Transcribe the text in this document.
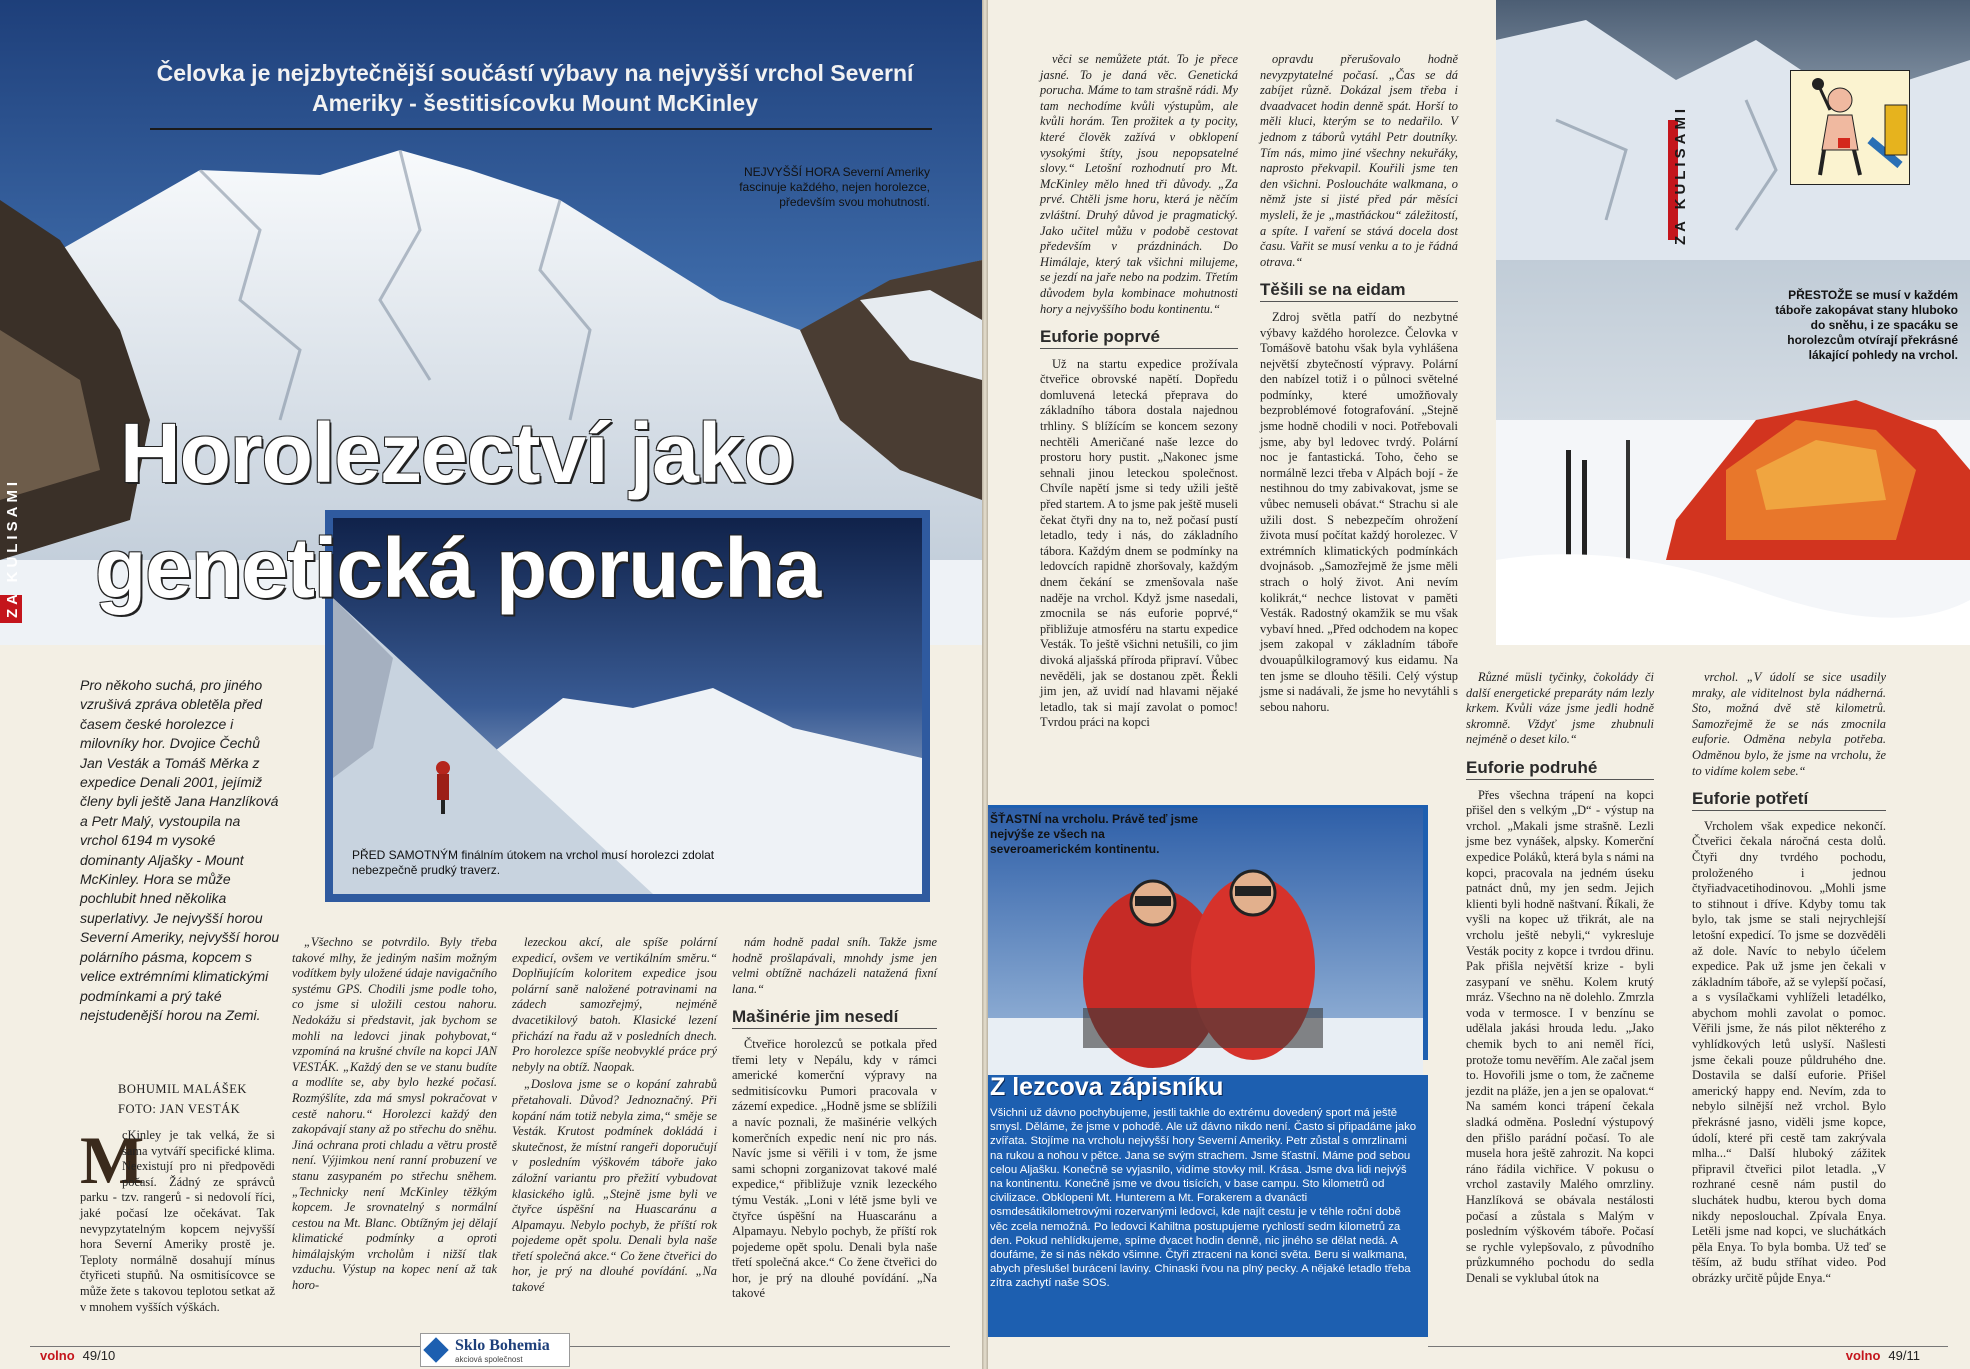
ZA KULISAMI
Čelovka je nejzbytečnější součástí výbavy na nejvyšší vrchol Severní Ameriky - šestitisícovku Mount McKinley
NEJVYŠŠÍ HORA Severní Ameriky fascinuje každého, nejen horolezce, především svou mohutností.
PŘED SAMOTNÝM finálním útokem na vrchol musí horolezci zdolat nebezpečně prudký traverz.
Horolezectví jako
genetická porucha
Pro někoho suchá, pro jiného vzrušivá zpráva obletěla před časem české horolezce i milovníky hor. Dvojice Čechů Jan Vesták a Tomáš Měrka z expedice Denali 2001, jejímiž členy byli ještě Jana Hanzlíková a Petr Malý, vystoupila na vrchol 6194 m vysoké dominanty Aljašky - Mount McKinley. Hora se může pochlubit hned několika superlativy. Je nejvyšší horou Severní Ameriky, nejvyšší horou polárního pásma, kopcem s velice extrémními klimatickými podmínkami a prý také nejstudenější horou na Zemi.
BOHUMIL MALÁŠEK
FOTO: JAN VESTÁK
M

cKinley je tak velká, že si sama vytváří specifické klima. Neexistují pro ni předpovědi počasí. Žádný ze správců parku - tzv. rangerů - si nedovolí říci, jaké počasí lze očekávat. Tak nevypzytatelným kopcem nejvyšší hora Severní Ameriky prostě je. Teploty normálně dosahují mínus čtyřiceti stupňů. Na osmitisícovce se může žete s takovou teplotou setkat až v mnohem vyšších výškách.

„Všechno se potvrdilo. Byly třeba takové mlhy, že jediným našim možným vodítkem byly uložené údaje navigačního systému GPS. Chodili jsme podle toho, co jsme si uložili cestou nahoru. Nedokážu si představit, jak bychom se mohli na ledovci jinak pohybovat,“ vzpomíná na krušné chvíle na kopci JAN VESTÁK. „Každý den se ve stanu budíte a modlíte se, aby bylo hezké počasí. Rozmýšlíte, zda má smysl pokračovat v cestě nahoru.“ Horolezci každý den zakopávají stany až po střechu do sněhu. Jiná ochrana proti chladu a větru prostě není. Výjimkou není ranní probuzení ve stanu zasypaném po střechu sněhem. „Technicky není McKinley těžkým kopcem. Je srovnatelný s normální cestou na Mt. Blanc. Obtížným jej dělají klimatické podmínky a oproti himálajským vrcholům i nižší tlak vzduchu. Výstup na kopec není až tak horo-

lezeckou akcí, ale spíše polární expedicí, ovšem ve vertikálním směru.“ Doplňujícím koloritem expedice jsou polární saně naložené potravinami na zádech samozřejmý, nejméně dvacetikilový batoh. Klasické lezení přichází na řadu až v posledních dnech. Pro horolezce spíše neobvyklé práce prý nebyly na obtíž. Naopak.

„Doslova jsme se o kopání zahrabů přetahovali. Důvod? Jednoznačný. Při kopání nám totiž nebyla zima,“ směje se Vesták. Krutost podmínek dokládá i skutečnost, že místní rangeři doporučují v posledním výškovém táboře jako záložní variantu pro přežití vybudovat klasického iglů. „Stejně jsme byli ve čtyřce úspěšní na Huascaránu a Alpamayu. Nebylo pochyb, že příští rok pojedeme opět spolu. Denali byla naše třetí společná akce.“ Co žene čtveřici do hor, je prý na dlouhé povídání. „Na takové

nám hodně padal sníh. Takže jsme hodně prošlapávali, mnohdy jsme jen velmi obtížně nacházeli natažená fixní lana.“

Mašinérie jim nesedí

Čtveřice horolezců se potkala před třemi lety v Nepálu, kdy v rámci americké komerční výpravy na sedmitisícovku Pumori pracovala v zázemí expedice. „Hodně jsme se sblížili a navíc poznali, že mašinérie velkých komerčních expedic není nic pro nás. Navíc jsme si věřili i v tom, že jsme sami schopni zorganizovat takové malé expedice,“ přibližuje vznik lezeckého týmu Vesták. „Loni v létě jsme byli ve čtyřce úspěšní na Huascaránu a Alpamayu. Nebylo pochyb, že příští rok pojedeme opět spolu. Denali byla naše třetí společná akce.“ Co žene čtveřici do hor, je prý na dlouhé povídání. „Na takové

volno 49/10
Sklo Bohemia
akciová společnost

věci se nemůžete ptát. To je přece jasné. To je daná věc. Genetická porucha. Máme to tam strašně rádi. My tam nechodíme kvůli výstupům, ale kvůli horám. Ten prožitek a ty pocity, které člověk zažívá v obklopení vysokými štíty, jsou nepopsatelné slovy.“ Letošní rozhodnutí pro Mt. McKinley mělo hned tři důvody. „Za prvé. Chtěli jsme horu, která je něčím zvláštní. Druhý důvod je pragmatický. Jako učitel můžu v podobě cestovat především v prázdninách. Do Himálaje, který tak všichni milujeme, se jezdí na jaře nebo na podzim. Třetím důvodem byla kombinace mohutnosti hory a nejvyššího bodu kontinentu.“

Euforie poprvé

Už na startu expedice prožívala čtveřice obrovské napětí. Dopředu domluvená letecká přeprava do základního tábora dostala najednou trhliny. S blížícím se koncem sezony nechtěli Američané naše lezce do prostoru hory pustit. „Nakonec jsme sehnali jinou leteckou společnost. Chvíle napětí jsme si tedy užili ještě před startem. A to jsme pak ještě museli čekat čtyři dny na to, než počasí pustí letadlo, tedy i nás, do základního tábora. Každým dnem se podmínky na ledovcích rapidně zhoršovaly, každým dnem čekání se zmenšovala naše naděje na vrchol. Když jsme nasedali, zmocnila se nás euforie poprvé,“ přibližuje atmosféru na startu expedice Vesták. To ještě všichni netušili, co jim divoká aljašská příroda připraví. Vůbec nevěděli, jak se dostanou zpět. Řekli jim jen, až uvidí nad hlavami nějaké letadlo, tak si mají zavolat o pomoc! Tvrdou práci na kopci

opravdu přerušovalo hodně nevyzpytatelné počasí. „Čas se dá zabíjet různě. Dokázal jsem třeba i dvaadvacet hodin denně spát. Horší to měli kluci, kterým se to nedařilo. V jednom z táborů vytáhl Petr doutníky. Tím nás, mimo jiné všechny nekuřáky, naprosto překvapil. Kouřili jsme ten den všichni. Posloucháte walkmana, o němž jste si jisté před pár měsíci mysleli, že je „mastňáckou“ záležitostí, a spíte. I vaření se stává docela dost času. Vařit se musí venku a to je řádná otrava.“

Těšili se na eidam

Zdroj světla patří do nezbytné výbavy každého horolezce. Čelovka v Tomášově batohu však byla vyhlášena největší zbytečností výpravy. Polární den nabízel totiž i o půlnoci světelné podmínky, které umožňovaly bezproblémové fotografování. „Stejně jsme hodně chodili v noci. Potřebovali jsme, aby byl ledovec tvrdý. Polární noc je fantastická. Toho, čeho se normálně lezci třeba v Alpách bojí - že nestihnou do tmy zabivakovat, jsme se vůbec nemuseli obávat.“ Strachu si ale užili dost. S nebezpečím ohrožení života musí počítat každý horolezec. V extrémních klimatických podmínkách dvojnásob. „Samozřejmě že jsme měli strach o holý život. Ani nevím kolikrát,“ nechce listovat v paměti Vesták. Radostný okamžik se mu však vybaví hned. „Před odchodem na kopec jsem zakopal v základním táboře dvouapůlkilogramový kus eidamu. Na ten jsme se dlouho těšili. Celý výstup jsme si nadávali, že jsme ho nevytáhli s sebou nahoru.

ZA KULISAMI
PŘESTOŽE se musí v každém táboře zakopávat stany hluboko do sněhu, i ze spacáku se horolezcům otvírají překrásné lákající pohledy na vrchol.
ŠŤASTNÍ na vrcholu. Právě teď jsme nejvýše ze všech na severoamerickém kontinentu.
Z lezcova zápisníku
Všichni už dávno pochybujeme, jestli takhle do extrému dovedený sport má ještě smysl. Děláme, že jsme v pohodě. Ale už dávno nikdo není. Často si připadáme jako zvířata. Stojíme na vrcholu nejvyšší hory Severní Ameriky. Petr zůstal s omrzlinami na rukou a nohou v pětce. Jana se svým strachem. Jsme šťastní. Máme pod sebou celou Aljašku. Konečně se vyjasnilo, vidíme stovky mil. Krása. Jsme dva lidi nejvýš na kontinentu. Konečně jsme ve dvou tisících, v base campu. Sto kilometrů od civilizace. Obklopeni Mt. Hunterem a Mt. Forakerem a dvanácti osmdesátikilometrovými rozervanými ledovci, kde najít cestu je v téhle roční době věc zcela nemožná. Po ledovci Kahiltna postupujeme rychlostí sedm kilometrů za den. Pokud nehlídkujeme, spíme dvacet hodin denně, nic jiného se dělat nedá. A doufáme, že si nás někdo všimne. Čtyři ztraceni na konci světa. Beru si walkmana, abych přeslušel burácení laviny. Chinaski řvou na plný pecky. A nějaké letadlo třeba zítra zachytí naše SOS.

Různé müsli tyčinky, čokolády či další energetické preparáty nám lezly krkem. Kvůli váze jsme jedli hodně skromně. Vždyť jsme zhubnuli nejméně o deset kilo.“

Euforie podruhé

Přes všechna trápení na kopci přišel den s velkým „D“ - výstup na vrchol. „Makali jsme strašně. Lezli jsme bez vynášek, alpsky. Komerční expedice Poláků, která byla s námi na kopci, pracovala na jedném úseku patnáct dnů, my jen sedm. Jejich klienti byli hodně naštvaní. Říkali, že vyšli na kopec už třikrát, ale na vrcholu ještě nebyli,“ vykresluje Vesták pocity z kopce i tvrdou dřinu. Pak přišla největší krize - byli zasypaní ve sněhu. Kolem krutý mráz. Všechno na ně dolehlo. Zmrzla voda v termosce. I v benzínu se udělala jakási hrouda ledu. „Jako chemik bych to ani neměl říci, protože tomu nevěřím. Ale začal jsem to. Hovořili jsme o tom, že začneme jezdit na pláže, jen a jen se opalovat.“ Na samém konci trápení čekala sladká odměna. Poslední výstupový den přišlo parádní počasí. To ale musela hora ještě zahrozit. Na kopci ráno řádila vichřice. V pokusu o vrchol zastavily Malého omrzliny. Hanzlíková se obávala nestálosti počasí a zůstala s Malým v posledním výškovém táboře. Počasí se rychle vylepšovalo, z původního průzkumného pochodu do sedla Denali se vyklubal útok na

vrchol. „V údolí se sice usadily mraky, ale viditelnost byla nádherná. Sto, možná dvě stě kilometrů. Samozřejmě že se nás zmocnila euforie. Odměna nebyla potřeba. Odměnou bylo, že jsme na vrcholu, že to vidíme kolem sebe.“

Euforie potřetí

Vrcholem však expedice nekončí. Čtveřici čekala náročná cesta dolů. Čtyři dny tvrdého pochodu, proloženého i jednou čtyřiadvacetihodinovou. „Mohli jsme to stihnout i dříve. Kdyby tomu tak bylo, tak jsme se stali nejrychlejší letošní expedicí. To jsme se dozvěděli až dole. Navíc to nebylo účelem expedice. Pak už jsme jen čekali v základním táboře, až se vylepší počasí, a s vysílačkami vyhlíželi letadélko, abychom mohli zavolat o pomoc. Věřili jsme, že nás pilot některého z vyhlídkových letů uslyší. Našlesti jsme čekali pouze půldruhého dne. Dostavila se další euforie. Přišel americký happy end. Nevím, zda to nebylo silnější než vrchol. Bylo překrásné jasno, viděli jsme kopce, údolí, které při cestě tam zakrývala mlha...“ Další hluboký zážitek připravil čtveřici pilot letadla. „V rozhrané cesně nám pustil do sluchátek hudbu, kterou bych doma nikdy neposlouchal. Zpívala Enya. Letěli jsme nad kopci, ve sluchátkách pěla Enya. To byla bomba. Už teď se těším, až budu stříhat video. Pod obrázky určitě půjde Enya.“

volno 49/11
